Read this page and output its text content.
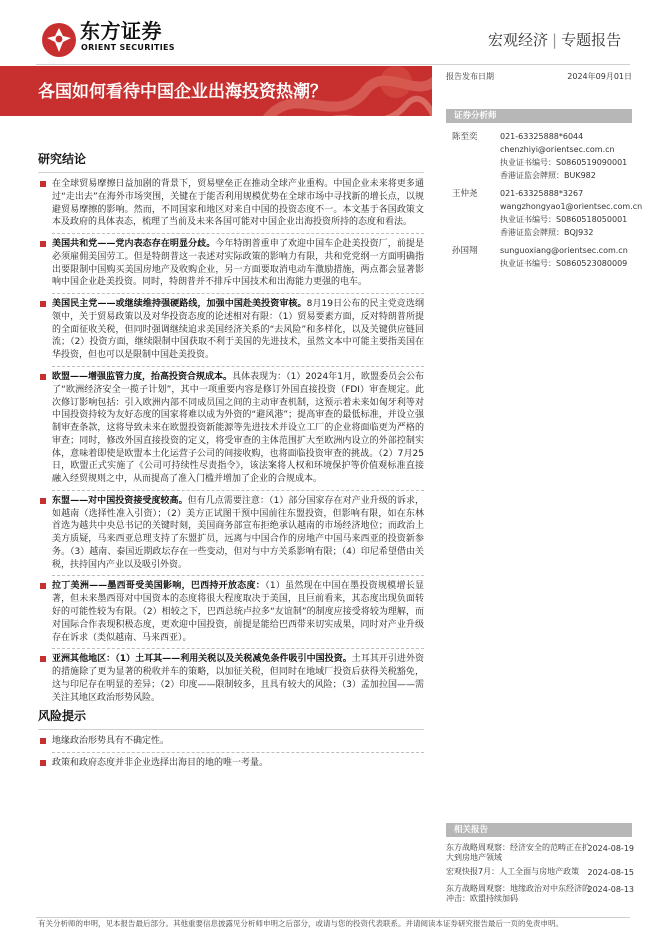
东方证券
ORIENT SECURITIES	宏观经济 | 专题报告
各国如何看待中国企业出海投资热潮？
报告发布日期	2024年09月01日
证券分析师
陈至奕	021-63325888*6044
chenzhiyi@orientsec.com.cn
执业证书编号：S0860519090001
香港证监会牌照：BUK982
王仲尧	021-63325888*3267
wangzhongyao1@orientsec.com.cn
执业证书编号：S0860518050001
香港证监会牌照：BQJ932
孙国翔	sunguoxiang@orientsec.com.cn
执业证书编号：S0860523080009
相关报告
东方战略周观察：经济安全的范畴正在扩大到房地产领域
2024-08-19
宏观快报7月：人工全面与房地产政策	2024-08-15
东方战略周观察：地缘政治对中东经济的冲击：欧盟持续加码
2024-08-13
研究结论
在全球贸易摩擦日益加剧的背景下，贸易壁垒正在推动全球产业重构。中国企业未来将更多通过“走出去”在海外市场突围，关键在于能否利用规模优势在全球市场中寻找新的增长点，以规避贸易摩擦的影响。然而，不同国家和地区对来自中国的投资态度不一。本文基于各国政策文本及政府的具体表态，梳理了当前及未来各国可能对中国企业出海投资所持的态度和看法。
美国共和党——党内表态存在明显分歧。今年特朗普重申了欢迎中国车企赴美投资厂，前提是必须雇佣美国劳工。但是特朗普这一表述对实际政策的影响力有限，共和党党纲一方面明确指出要限制中国购买美国房地产及收购企业，另一方面要取消电动车激励措施，两点都会显著影响中国企业赴美投资。同时，特朗普并不排斥中国技术和出海能力更强的电车。
美国民主党——或继续维持强硬路线，加强中国赴美投资审核。8月19日公布的民主党竞选纲领中，关于贸易政策以及对华投资态度的论述相对有限：（1）贸易要素方面，反对特朗普所提的全面征收关税，但同时强调继续追求美国经济关系的“去风险”和多样化，以及关键供应链回流；（2）投资方面，继续限制中国获取不利于美国的先进技术，虽然文本中可能主要指美国在华投资，但也可以是限制中国赴美投资。
欧盟——增强监管力度，抬高投资合规成本。具体表现为：（1）2024年1月，欧盟委员会公布了“欧洲经济安全一揽子计划”，其中一项重要内容是修订外国直接投资（FDI）审查规定。此次修订影响包括：引入欧洲内部不同成员国之间的主动审查机制，这预示着未来如匈牙利等对中国投资持较为友好态度的国家将难以成为外资的“避风港”；提高审查的最低标准，并设立强制审查条款，这将导致未来在欧盟投资新能源等先进技术并设立工厂的企业将面临更为严格的审查；同时，修改外国直接投资的定义，将受审查的主体范围扩大至欧洲内设立的外部控制实体，意味着即使是欧盟本土化运营子公司的间接收购，也将面临投资审查的挑战。（2）7月25日，欧盟正式实施了《公司可持续性尽责指令》，该法案将人权和环境保护等价值观标准直接融入经贸规则之中，从而提高了准入门槛并增加了企业的合规成本。
东盟——对中国投资接受度较高。但有几点需要注意：（1）部分国家存在对产业升级的诉求，如越南（选择性准入引资）；（2）美方正试图干预中国前往东盟投资，但影响有限，如在东林首选为越共中央总书记的关键时刻，美国商务部宣布拒绝承认越南的市场经济地位；而政治上美方质疑，马来西亚总理支持了东盟扩员，远离与中国合作的房地产中国马来西亚的投资新参务。（3）越南、泰国近期政坛存在一些变动，但对与中方关系影响有限；（4）印尼希望借由关税，扶持国内产业以及吸引外资。
拉丁美洲——墨西哥受美国影响，巴西持开放态度：（1）虽然现在中国在墨投资规模增长显著，但未来墨西哥对中国资本的态度将很大程度取决于美国，且巨前看来，其态度出现负面转好的可能性较为有限。（2）相较之下，巴西总统卢拉多“友谊制”的制度应接受将较为理解，而对国际合作表现积极态度，更欢迎中国投资，前提是能给巴西带来切实成果，同时对产业升级存在诉求（类似越南、马来西亚）。
亚洲其他地区：（1）土耳其——利用关税以及关税减免条件吸引中国投资。土耳其开引进外资的措施除了更为显著的税收并车的策略，以加征关税，但同时在地域厂投资后获得关税豁免，这与印尼存在明显的差异；（2）印度——限制较多，且具有较大的风险；（3）孟加拉国——需关注其地区政治形势风险。
风险提示
地缘政治形势具有不确定性。
政策和政府态度并非企业选择出海目的地的唯一考量。
有关分析师的申明，见本报告最后部分。其他重要信息披露见分析师申明之后部分，或请与您的投资代表联系。并请阅读本证券研究报告最后一页的免责申明。
